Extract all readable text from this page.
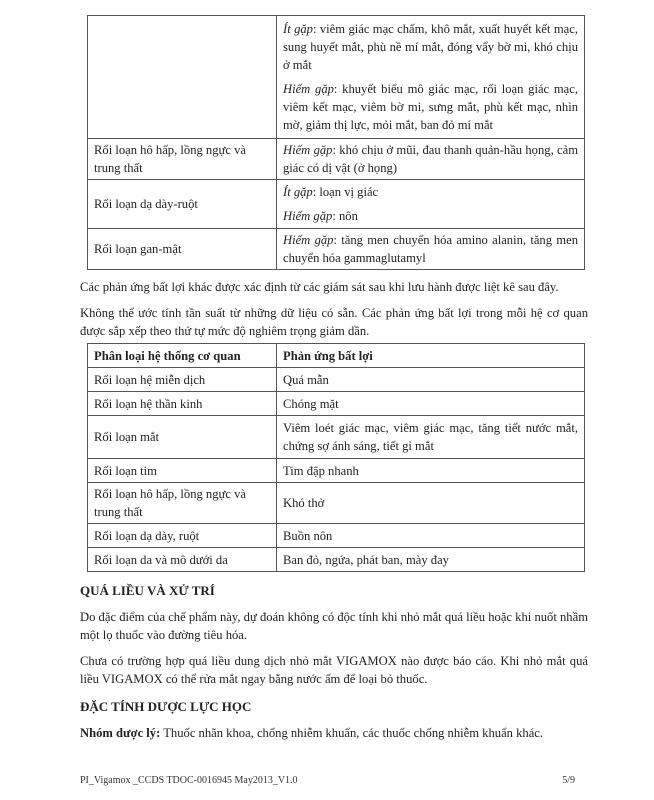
	Ít gặp: viêm giác mạc chấm, khô mắt, xuất huyết kết mạc, sung huyết mắt, phù nề mí mắt, đóng vẩy bờ mi, khó chịu ở mắt
Hiếm gặp: khuyết biểu mô giác mạc, rối loạn giác mạc, viêm kết mạc, viêm bờ mi, sưng mắt, phù kết mạc, nhìn mờ, giảm thị lực, mỏi mắt, ban đỏ mí mắt

Rối loạn hô hấp, lồng ngực và trung thất	Hiếm gặp: khó chịu ở mũi, đau thanh quản-hầu họng, cảm giác có dị vật (ở họng)

Rối loạn dạ dày-ruột	Ít gặp: loạn vị giác
Hiếm gặp: nôn

Rối loạn gan-mật	Hiếm gặp: tăng men chuyển hóa amino alanin, tăng men chuyển hóa gammaglutamyl

Các phản ứng bất lợi khác được xác định từ các giám sát sau khi lưu hành được liệt kê sau đây.

Không thể ước tính tần suất từ những dữ liệu có sẵn. Các phản ứng bất lợi trong mỗi hệ cơ quan được sắp xếp theo thứ tự mức độ nghiêm trọng giảm dần.

Phân loại hệ thống cơ quan	Phản ứng bất lợi
Rối loạn hệ miễn dịch	Quá mẫn
Rối loạn hệ thần kinh	Chóng mặt
Rối loạn mắt	Viêm loét giác mạc, viêm giác mạc, tăng tiết nước mắt, chứng sợ ánh sáng, tiết gỉ mắt
Rối loạn tim	Tim đập nhanh
Rối loạn hô hấp, lồng ngực và trung thất	Khó thở
Rối loạn dạ dày, ruột	Buồn nôn
Rối loạn da và mô dưới da	Ban đỏ, ngứa, phát ban, mày đay
QUÁ LIỀU VÀ XỬ TRÍ

Do đặc điểm của chế phẩm này, dự đoán không có độc tính khi nhỏ mắt quá liều hoặc khi nuốt nhầm một lọ thuốc vào đường tiêu hóa.

Chưa có trường hợp quá liều dung dịch nhỏ mắt VIGAMOX nào được báo cáo. Khi nhỏ mắt quá liều VIGAMOX có thể rửa mắt ngay bằng nước ấm để loại bỏ thuốc.

ĐẶC TÍNH DƯỢC LỰC HỌC

Nhóm dược lý: Thuốc nhãn khoa, chống nhiễm khuẩn, các thuốc chống nhiễm khuẩn khác.

PI_Vigamox _CCDS TDOC-0016945 May2013_V1.0	5/9
